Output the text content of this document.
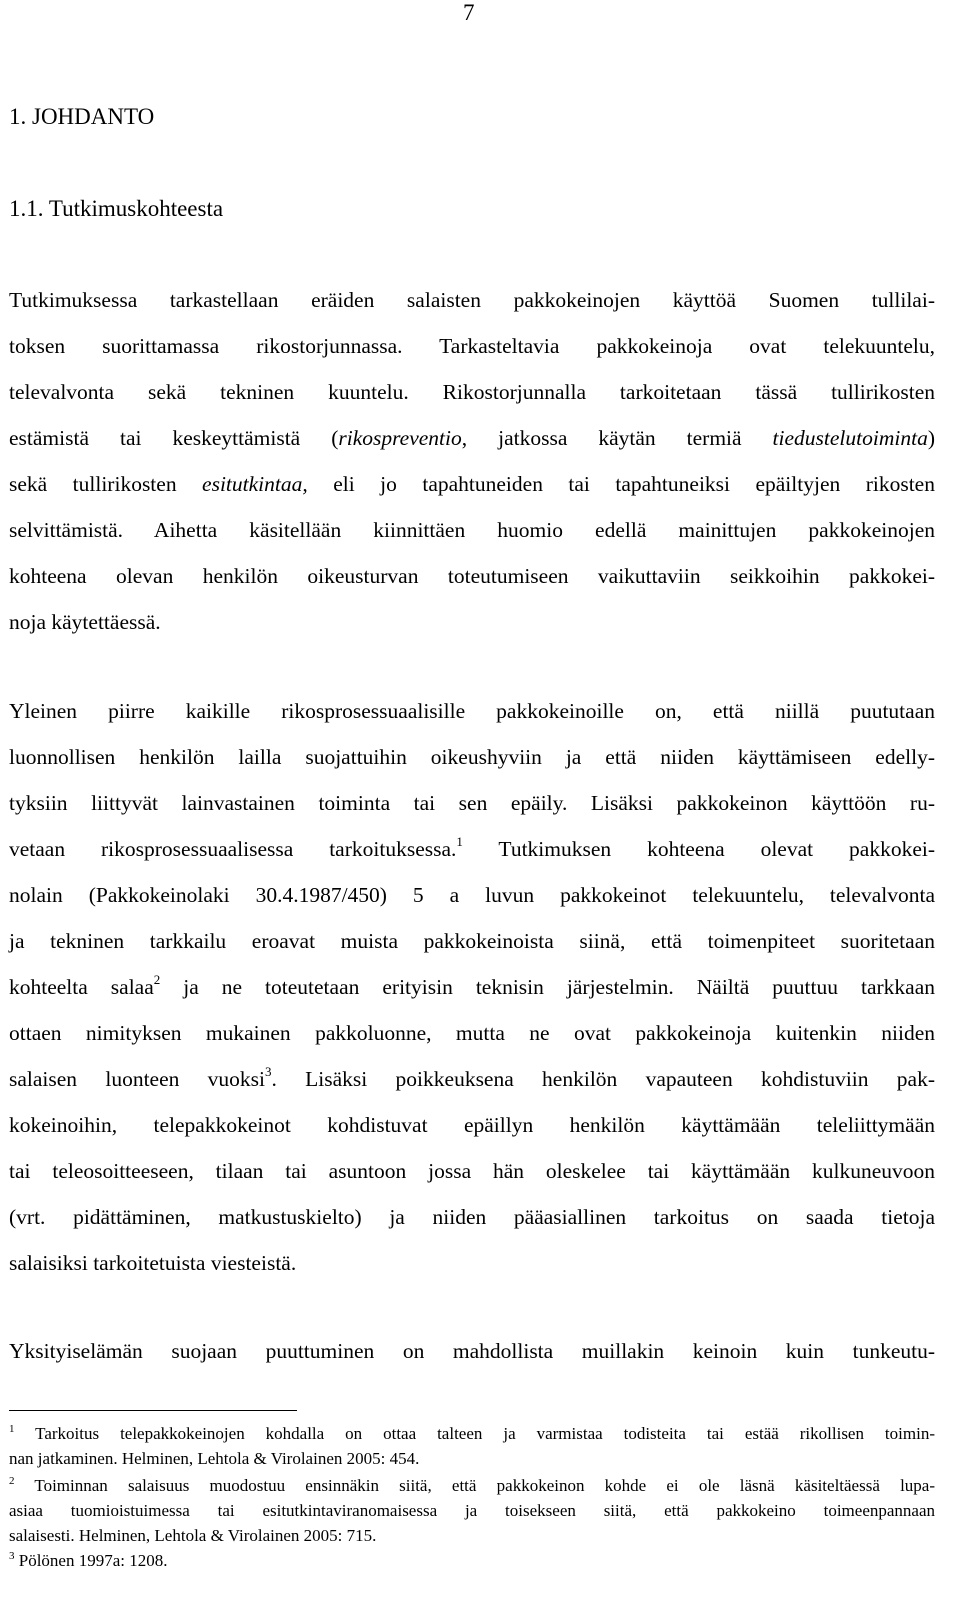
7
1. JOHDANTO
1.1. Tutkimuskohteesta
Tutkimuksessa tarkastellaan eräiden salaisten pakkokeinojen käyttöä Suomen tullilai-
toksen suorittamassa rikostorjunnassa. Tarkasteltavia pakkokeinoja ovat telekuuntelu,
televalvonta sekä tekninen kuuntelu. Rikostorjunnalla tarkoitetaan tässä tullirikosten
estämistä tai keskeyttämistä (rikospreventio, jatkossa käytän termiä tiedustelutoiminta)
sekä tullirikosten esitutkintaa, eli jo tapahtuneiden tai tapahtuneiksi epäiltyjen rikosten
selvittämistä. Aihetta käsitellään kiinnittäen huomio edellä mainittujen pakkokeinojen
kohteena olevan henkilön oikeusturvan toteutumiseen vaikuttaviin seikkoihin pakkokei-
noja käytettäessä.
Yleinen piirre kaikille rikosprosessuaalisille pakkokeinoille on, että niillä puututaan
luonnollisen henkilön lailla suojattuihin oikeushyviin ja että niiden käyttämiseen edelly-
tyksiin liittyvät lainvastainen toiminta tai sen epäily. Lisäksi pakkokeinon käyttöön ru-
vetaan rikosprosessuaalisessa tarkoituksessa.$^1$ Tutkimuksen kohteena olevat pakkokei-
nolain (Pakkokeinolaki 30.4.1987/450) 5 a luvun pakkokeinot telekuuntelu, televalvonta
ja tekninen tarkkailu eroavat muista pakkokeinoista siinä, että toimenpiteet suoritetaan
kohteelta salaa$^2$ ja ne toteutetaan erityisin teknisin järjestelmin. Näiltä puuttuu tarkkaan
ottaen nimityksen mukainen pakkoluonne, mutta ne ovat pakkokeinoja kuitenkin niiden
salaisen luonteen vuoksi$^3$. Lisäksi poikkeuksena henkilön vapauteen kohdistuviin pak-
kokeinoihin, telepakkokeinot kohdistuvat epäillyn henkilön käyttämään teleliittymään
tai teleosoitteeseen, tilaan tai asuntoon jossa hän oleskelee tai käyttämään kulkuneuvoon
(vrt. pidättäminen, matkustuskielto) ja niiden pääasiallinen tarkoitus on saada tietoja
salaisiksi tarkoitetuista viesteistä.
Yksityiselämän suojaan puuttuminen on mahdollista muillakin keinoin kuin tunkeutu-
$^1$ Tarkoitus telepakkokeinojen kohdalla on ottaa talteen ja varmistaa todisteita tai estää rikollisen toimin-
nan jatkaminen. Helminen, Lehtola & Virolainen 2005: 454.
$^2$ Toiminnan salaisuus muodostuu ensinnäkin siitä, että pakkokeinon kohde ei ole läsnä käsiteltäessä lupa-
asiaa tuomioistuimessa tai esitutkintaviranomaisessa ja toisekseen siitä, että pakkokeino toimeenpannaan
salaisesti. Helminen, Lehtola & Virolainen 2005: 715.
$^3$ Pölönen 1997a: 1208.
